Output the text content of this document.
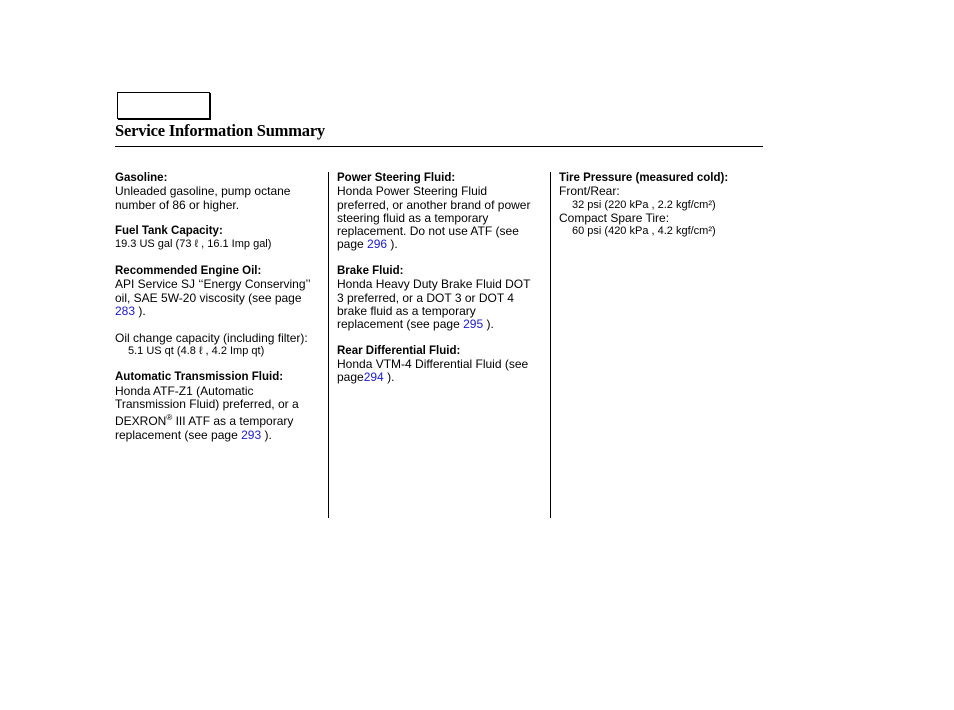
Service Information Summary
Gasoline:
Unleaded gasoline, pump octane number of 86 or higher.
Fuel Tank Capacity:
19.3 US gal (73 ℓ , 16.1 Imp gal)
Recommended Engine Oil:
API Service SJ ‘‘Energy Conserving’’ oil, SAE 5W-20 viscosity (see page 283 ).
Oil change capacity (including filter):
5.1 US qt (4.8 ℓ , 4.2 Imp qt)
Automatic Transmission Fluid:
Honda ATF-Z1 (Automatic Transmission Fluid) preferred, or a DEXRON® III ATF as a temporary replacement (see page 293 ).
Power Steering Fluid:
Honda Power Steering Fluid preferred, or another brand of power steering fluid as a temporary replacement. Do not use ATF (see page 296 ).
Brake Fluid:
Honda Heavy Duty Brake Fluid DOT 3 preferred, or a DOT 3 or DOT 4 brake fluid as a temporary replacement (see page 295 ).
Rear Differential Fluid:
Honda VTM-4 Differential Fluid (see page294 ).
Tire Pressure (measured cold):
Front/Rear:
32 psi (220 kPa , 2.2 kgf/cm²)
Compact Spare Tire:
60 psi (420 kPa , 4.2 kgf/cm²)
